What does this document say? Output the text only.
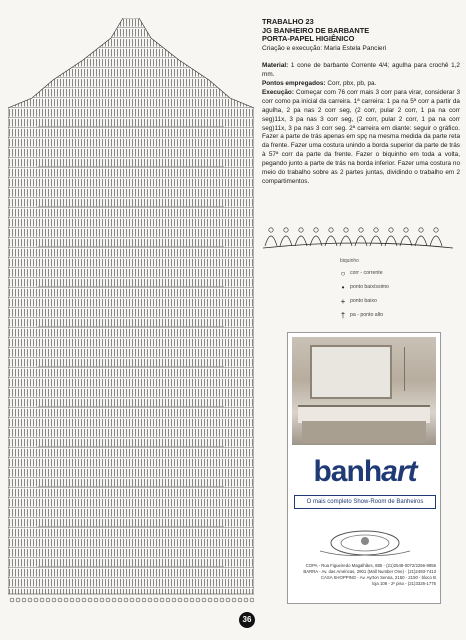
36
TRABALHO 23
JG BANHEIRO DE BARBANTE
PORTA-PAPEL HIGIÊNICO
Criação e execução: Maria Estela Pancieri
Material: 1 cone de barbante Corrente 4/4; agulha para crochê 1,2 mm.
Pontos empregados: Corr, pbx, pb, pa.
Execução: Começar com 76 corr mais 3 corr para virar, considerar 3 corr como pa inicial da carreira. 1ª carreira: 1 pa na 5ª corr a partir da agulha, 2 pa nas 2 corr seg, (2 corr, pular 2 corr, 1 pa na corr seg)11x, 3 pa nas 3 corr seg, (2 corr, pular 2 corr, 1 pa na corr seg)11x, 3 pa nas 3 corr seg. 2ª carreira em diante: seguir o gráfico. Fazer a parte de trás apenas em spç na mesma medida da parte reta da frente. Fazer uma costura unindo a borda superior da parte de trás à 57ª corr da parte da frente. Fazer o biquinho em toda a volta, pegando junto a parte de trás na borda inferior. Fazer uma costura no meio do trabalho sobre as 2 partes juntas, dividindo o trabalho em 2 compartimentos.
biquinho
○ corr - corrente
•	ponto baixíssimo
+ ponto baixo
† pa - ponto alto
banhart
O mais completo Show-Room de Banheiros
COPA - Rua Figueiredo Magalhães, 885 - (21)2548-0072/2256-9956
BARRA - Av. das Américas, 2901 (Mall Number One) - (21)2493-7413
CASA SHOPPING - Av. Ayrton Senna, 2150 - 2150 - bloco B
loja 108 - 2º piso - (21)3326-1776
